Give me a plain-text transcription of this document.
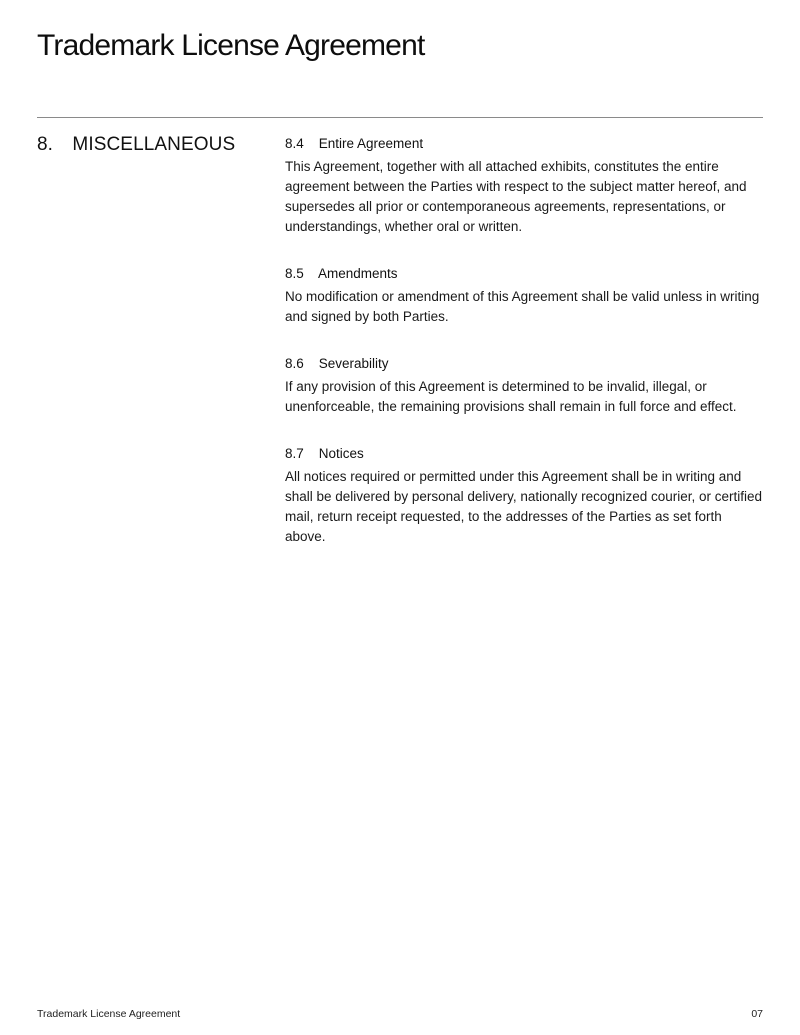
Trademark License Agreement
8. MISCELLANEOUS	8.4 Entire Agreement

This Agreement, together with all attached exhibits, constitutes the entire agreement between the Parties with respect to the subject matter hereof, and supersedes all prior or contemporaneous agreements, representations, or understandings, whether oral or written.

8.5 Amendments

No modification or amendment of this Agreement shall be valid unless in writing and signed by both Parties.

8.6 Severability

If any provision of this Agreement is determined to be invalid, illegal, or unenforceable, the remaining provisions shall remain in full force and effect.

8.7 Notices

All notices required or permitted under this Agreement shall be in writing and shall be delivered by personal delivery, nationally recognized courier, or certified mail, return receipt requested, to the addresses of the Parties as set forth above.

Trademark License Agreement	07
